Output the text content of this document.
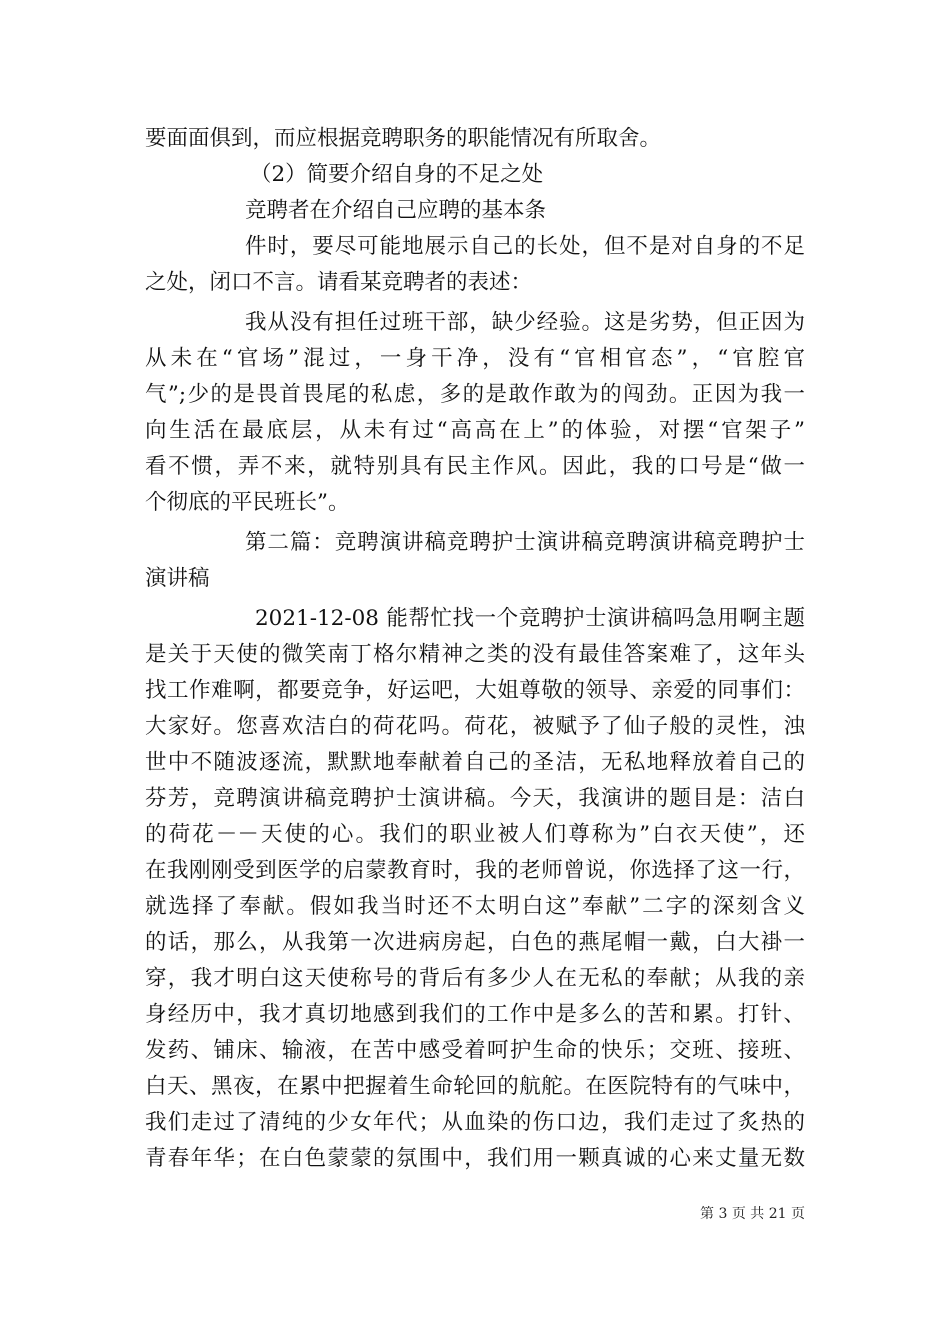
要面面俱到，而应根据竞聘职务的职能情况有所取舍。
（2）简要介绍自身的不足之处
竞聘者在介绍自己应聘的基本条
件时，要尽可能地展示自己的长处，但不是对自身的不足
之处，闭口不言。请看某竞聘者的表述：
我从没有担任过班干部，缺少经验。这是劣势，但正因为
从未在“官场”混过，一身干净，没有“官相官态”，“官腔官
气”;少的是畏首畏尾的私虑，多的是敢作敢为的闯劲。正因为我一
向生活在最底层，从未有过“高高在上”的体验，对摆“官架子”
看不惯，弄不来，就特别具有民主作风。因此，我的口号是“做一
个彻底的平民班长”。
第二篇：竞聘演讲稿竞聘护士演讲稿竞聘演讲稿竞聘护士
演讲稿
2021-12-08 能帮忙找一个竞聘护士演讲稿吗急用啊主题
是关于天使的微笑南丁格尔精神之类的没有最佳答案难了，这年头
找工作难啊，都要竞争，好运吧，大姐尊敬的领导、亲爱的同事们：
大家好。您喜欢洁白的荷花吗。荷花，被赋予了仙子般的灵性，浊
世中不随波逐流，默默地奉献着自己的圣洁，无私地释放着自己的
芬芳，竞聘演讲稿竞聘护士演讲稿。今天，我演讲的题目是：洁白
的荷花－－天使的心。我们的职业被人们尊称为”白衣天使”，还
在我刚刚受到医学的启蒙教育时，我的老师曾说，你选择了这一行，
就选择了奉献。假如我当时还不太明白这”奉献”二字的深刻含义
的话，那么，从我第一次进病房起，白色的燕尾帽一戴，白大褂一
穿，我才明白这天使称号的背后有多少人在无私的奉献；从我的亲
身经历中，我才真切地感到我们的工作中是多么的苦和累。打针、
发药、铺床、输液，在苦中感受着呵护生命的快乐；交班、接班、
白天、黑夜，在累中把握着生命轮回的航舵。在医院特有的气味中，
我们走过了清纯的少女年代；从血染的伤口边，我们走过了炙热的
青春年华；在白色蒙蒙的氛围中，我们用一颗真诚的心来丈量无数
第 3 页 共 21 页
